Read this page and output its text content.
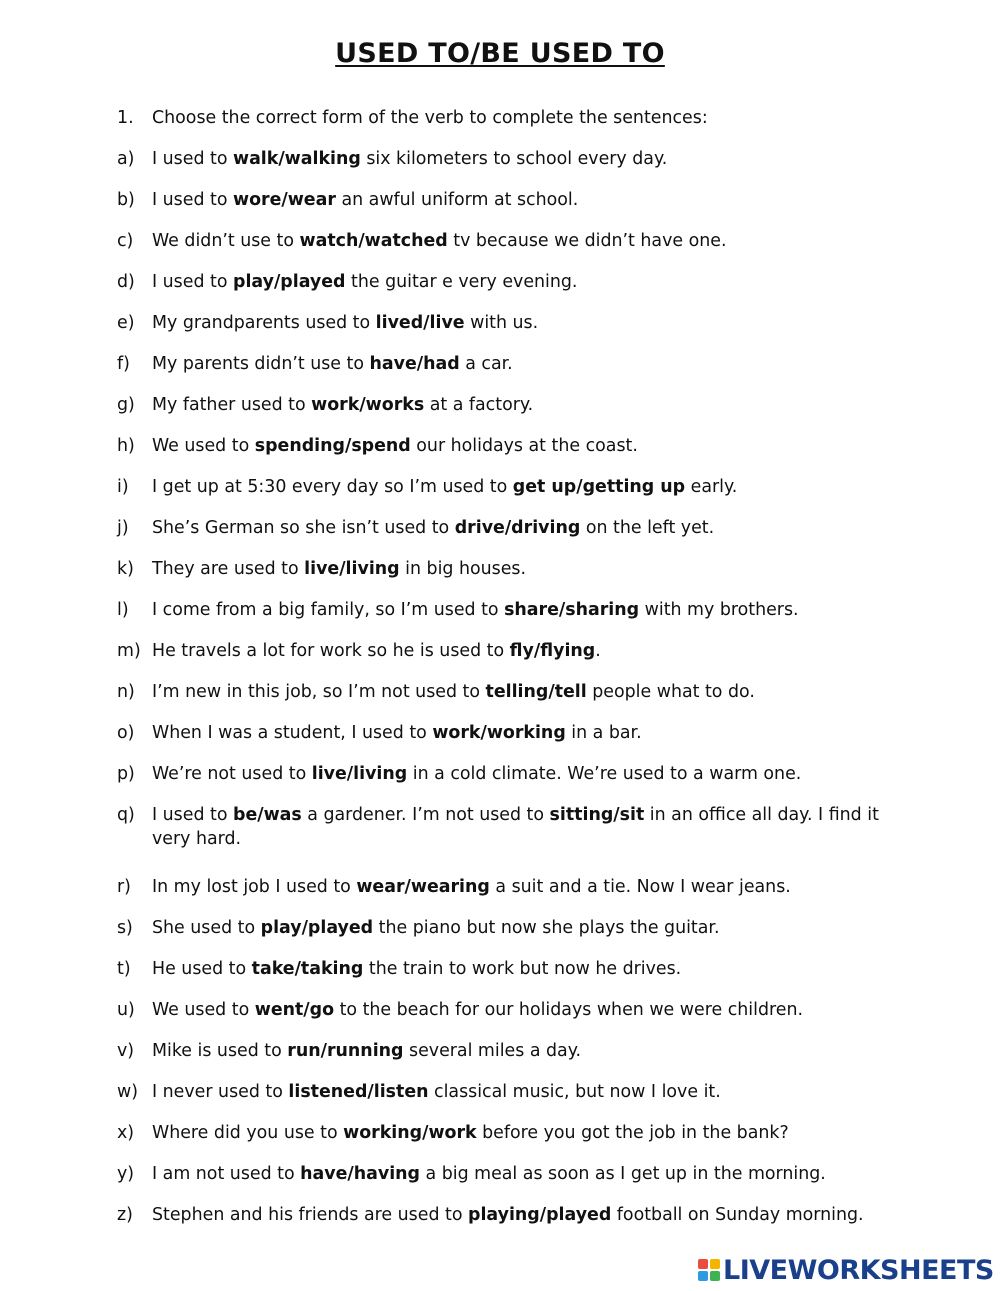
USED TO/BE USED TO
1.	Choose the correct form of the verb to complete the sentences:
a)	I used to walk/walking six kilometers to school every day.
b) I used to wore/wear an awful uniform at school.
c)	We didn’t use to watch/watched tv because we didn’t have one.
d) I used to play/played the guitar e very evening.
e)	My grandparents used to lived/live with us.
f)	My parents didn’t use to have/had a car.
g) My father used to work/works at a factory.
h) We used to spending/spend our holidays at the coast.
i)	I get up at 5:30 every day so I’m used to get up/getting up early.
j)	She’s German so she isn’t used to drive/driving on the left yet.
k)	They are used to live/living in big houses.
l)	I come from a big family, so I’m used to share/sharing with my brothers.
m) He travels a lot for work so he is used to fly/flying.
n) I’m new in this job, so I’m not used to telling/tell people what to do.
o)	When I was a student, I used to work/working in a bar.
p) We’re not used to live/living in a cold climate. We’re used to a warm one.
q) I used to be/was a gardener. I’m not used to sitting/sit in an office all day. I find it very hard.
r)	In my lost job I used to wear/wearing a suit and a tie. Now I wear jeans.
s)	She used to play/played the piano but now she plays the guitar.
t)	He used to take/taking the train to work but now he drives.
u) We used to went/go to the beach for our holidays when we were children.
v)	Mike is used to run/running several miles a day.
w) I never used to listened/listen classical music, but now I love it.
x)	Where did you use to working/work before you got the job in the bank?
y)	I am not used to have/having a big meal as soon as I get up in the morning.
z)	Stephen and his friends are used to playing/played football on Sunday morning.
LIVEWORKSHEETS
